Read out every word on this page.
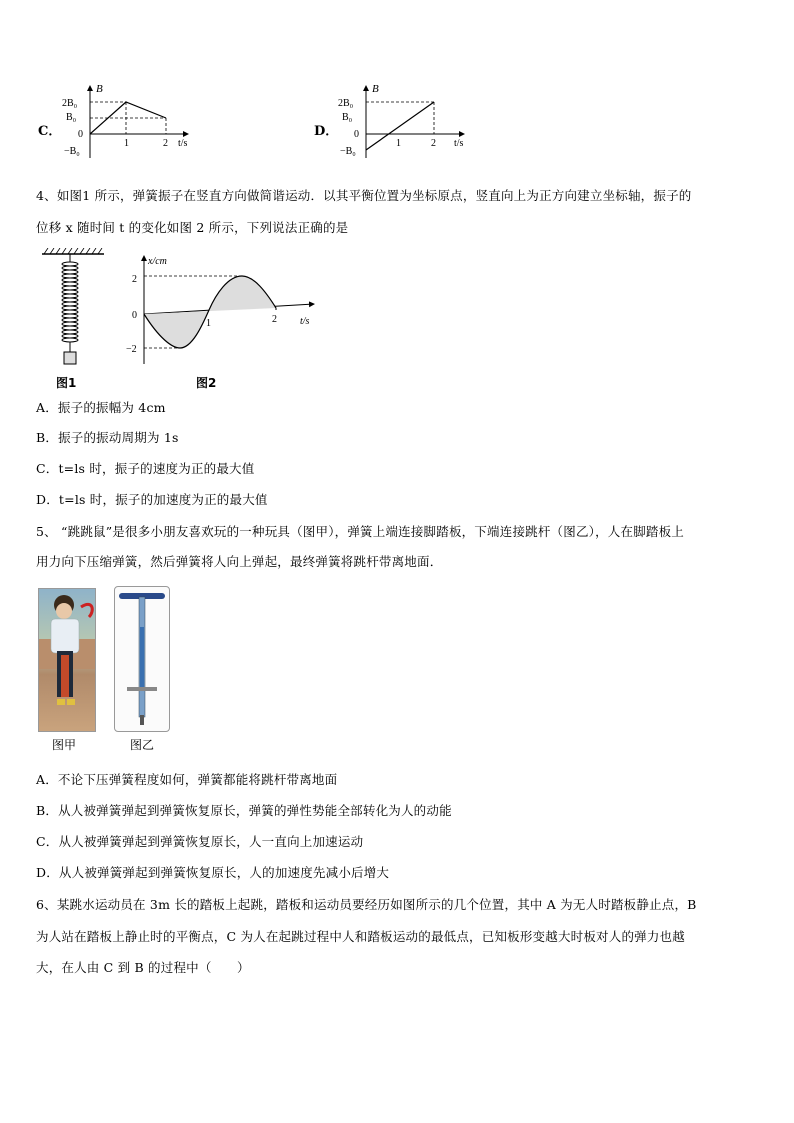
C．
B
t/s
2B₀
B₀
0
−B₀
1	2
D．
B
t/s
2B₀
B₀
0
−B₀
1	2
4、如图1 所示，弹簧振子在竖直方向做简谐运动．以其平衡位置为坐标原点，竖直向上为正方向建立坐标轴，振子的
位移 x 随时间 t 的变化如图 2 所示，下列说法正确的是
图1
x/cm
t/s
2
0
−2
1	2
图2
A．振子的振幅为 4cm
B．振子的振动周期为 1s
C．t=ls 时，振子的速度为正的最大值
D．t=ls 时，振子的加速度为正的最大值
5、 “跳跳鼠”是很多小朋友喜欢玩的一种玩具（图甲），弹簧上端连接脚踏板，下端连接跳杆（图乙），人在脚踏板上
用力向下压缩弹簧，然后弹簧将人向上弹起，最终弹簧将跳杆带离地面．
图甲	图乙
A．不论下压弹簧程度如何，弹簧都能将跳杆带离地面
B．从人被弹簧弹起到弹簧恢复原长，弹簧的弹性势能全部转化为人的动能
C．从人被弹簧弹起到弹簧恢复原长，人一直向上加速运动
D．从人被弹簧弹起到弹簧恢复原长，人的加速度先减小后增大
6、某跳水运动员在 3m 长的踏板上起跳，踏板和运动员要经历如图所示的几个位置，其中 A 为无人时踏板静止点，B
为人站在踏板上静止时的平衡点，C 为人在起跳过程中人和踏板运动的最低点，已知板形变越大时板对人的弹力也越
大，在人由 C 到 B 的过程中（　　）
